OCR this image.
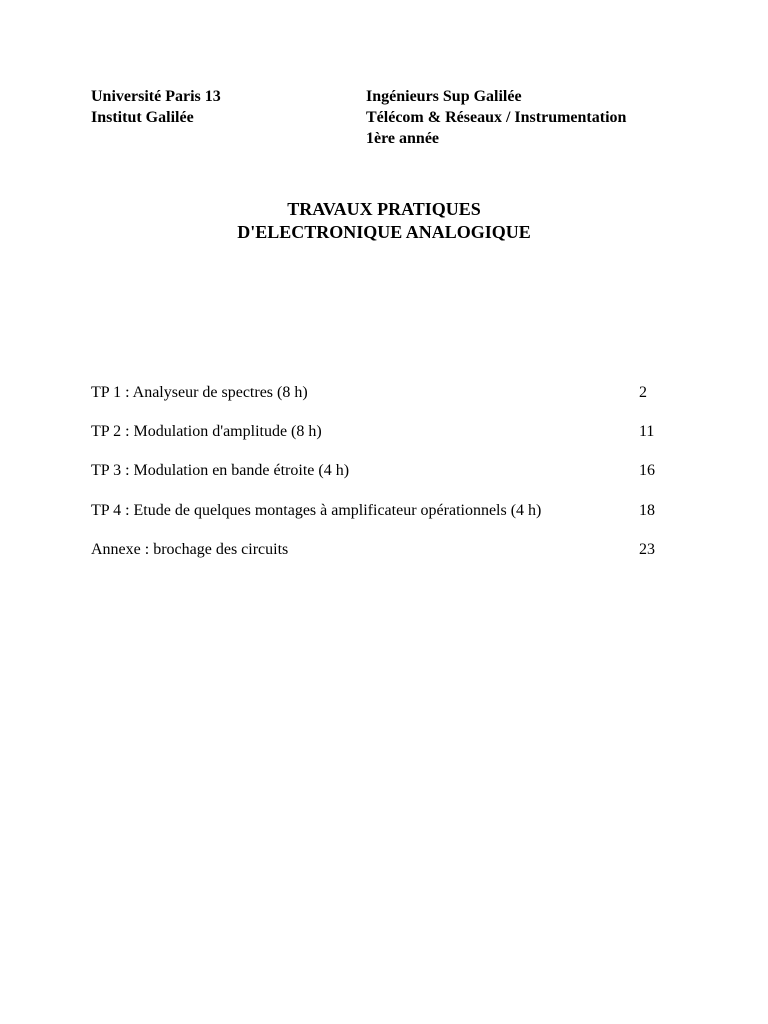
Université Paris 13
Institut Galilée
Ingénieurs Sup Galilée
Télécom & Réseaux / Instrumentation
1ère année
TRAVAUX PRATIQUES
D'ELECTRONIQUE ANALOGIQUE
TP 1 : Analyseur de spectres (8 h)	2
TP 2 : Modulation d'amplitude (8 h)	11
TP 3 : Modulation en bande étroite (4 h)	16
TP 4 : Etude de quelques montages à amplificateur opérationnels (4 h)	18
Annexe : brochage des circuits	23
